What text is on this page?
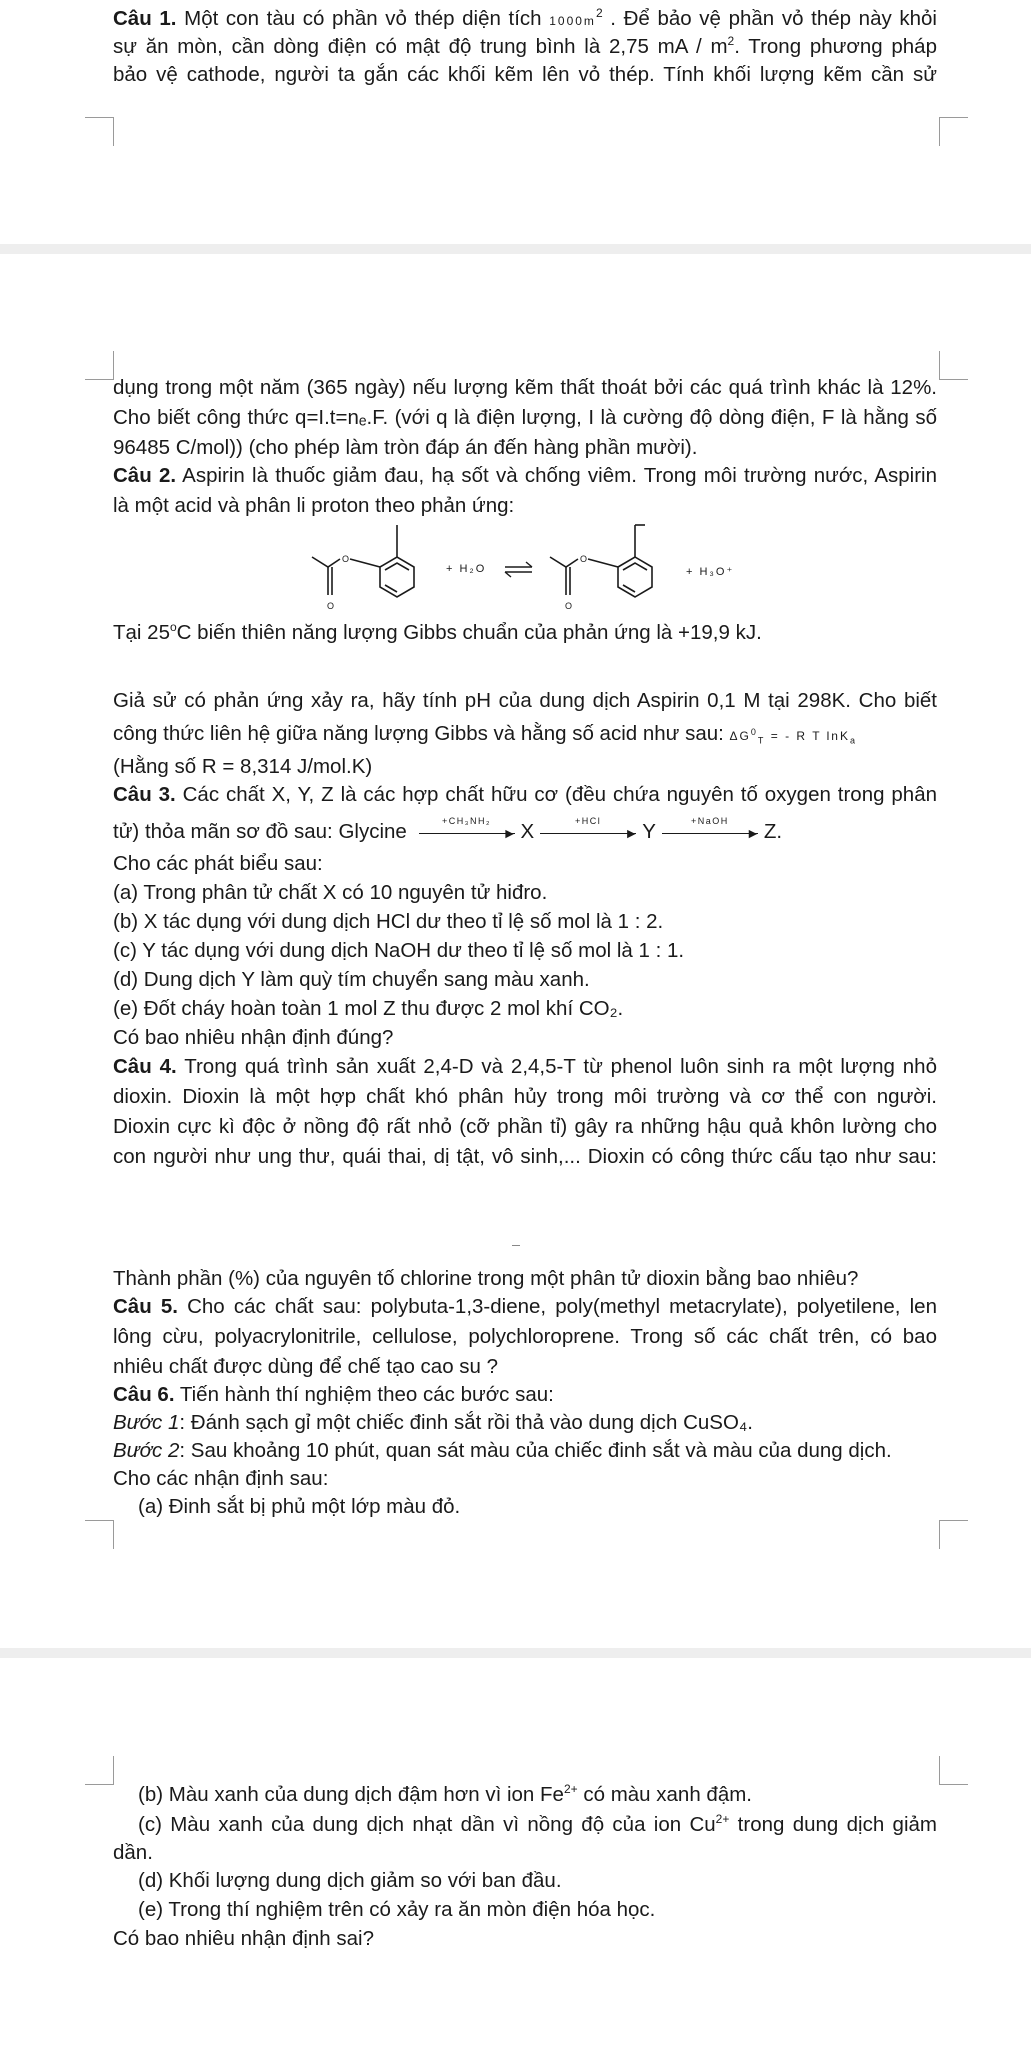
Câu 1. Một con tàu có phần vỏ thép diện tích $1000m^2$ . Để bảo vệ phần vỏ thép này khỏi
sự ăn mòn, cần dòng điện có mật độ trung bình là 2,75 mA / $m^2$. Trong phương pháp
bảo vệ cathode, người ta gắn các khối kẽm lên vỏ thép. Tính khối lượng kẽm cần sử
dụng trong một năm (365 ngày) nếu lượng kẽm thất thoát bởi các quá trình khác là 12%.
Cho biết công thức q=I.t=nₑ.F. (với q là điện lượng, I là cường độ dòng điện, F là hằng số
96485 C/mol)) (cho phép làm tròn đáp án đến hàng phần mười).
Câu 2. Aspirin là thuốc giảm đau, hạ sốt và chống viêm. Trong môi trường nước, Aspirin
là một acid và phân li proton theo phản ứng:
O
O
+ H₂O
O
O
+ H₃O⁺
Tại 25$^o$C biến thiên năng lượng Gibbs chuẩn của phản ứng là +19,9 kJ.
Giả sử có phản ứng xảy ra, hãy tính pH của dung dịch Aspirin 0,1 M tại 298K. Cho biết
công thức liên hệ giữa năng lượng Gibbs và hằng số acid như sau: $\Delta G^0_T$ = - R T lnK$_a$
(Hằng số R = 8,314 J/mol.K)
Câu 3. Các chất X, Y, Z là các hợp chất hữu cơ (đều chứa nguyên tố oxygen trong phân
tử) thỏa mãn sơ đồ sau: Glycine	+CH₃NH₂
► X	+HCl
► Y	+NaOH
► Z.
Cho các phát biểu sau:
(a) Trong phân tử chất X có 10 nguyên tử hiđro.
(b) X tác dụng với dung dịch HCl dư theo tỉ lệ số mol là 1 : 2.
(c) Y tác dụng với dung dịch NaOH dư theo tỉ lệ số mol là 1 : 1.
(d) Dung dịch Y làm quỳ tím chuyển sang màu xanh.
(e) Đốt cháy hoàn toàn 1 mol Z thu được 2 mol khí CO₂.
Có bao nhiêu nhận định đúng?
Câu 4. Trong quá trình sản xuất 2,4-D và 2,4,5-T từ phenol luôn sinh ra một lượng nhỏ
dioxin. Dioxin là một hợp chất khó phân hủy trong môi trường và cơ thể con người.
Dioxin cực kì độc ở nồng độ rất nhỏ (cỡ phần tỉ) gây ra những hậu quả khôn lường cho
con người như ung thư, quái thai, dị tật, vô sinh,... Dioxin có công thức cấu tạo như sau:
Thành phần (%) của nguyên tố chlorine trong một phân tử dioxin bằng bao nhiêu?
Câu 5. Cho các chất sau: polybuta-1,3-diene, poly(methyl metacrylate), polyetilene, len
lông cừu, polyacrylonitrile, cellulose, polychloroprene. Trong số các chất trên, có bao
nhiêu chất được dùng để chế tạo cao su ?
Câu 6. Tiến hành thí nghiệm theo các bước sau:
Bước 1: Đánh sạch gỉ một chiếc đinh sắt rồi thả vào dung dịch CuSO₄.
Bước 2: Sau khoảng 10 phút, quan sát màu của chiếc đinh sắt và màu của dung dịch.
Cho các nhận định sau:
(a) Đinh sắt bị phủ một lớp màu đỏ.
(b) Màu xanh của dung dịch đậm hơn vì ion $Fe^{2+}$ có màu xanh đậm.
(c) Màu xanh của dung dịch nhạt dần vì nồng độ của ion $Cu^{2+}$ trong dung dịch giảm
dần.
(d) Khối lượng dung dịch giảm so với ban đầu.
(e) Trong thí nghiệm trên có xảy ra ăn mòn điện hóa học.
Có bao nhiêu nhận định sai?
